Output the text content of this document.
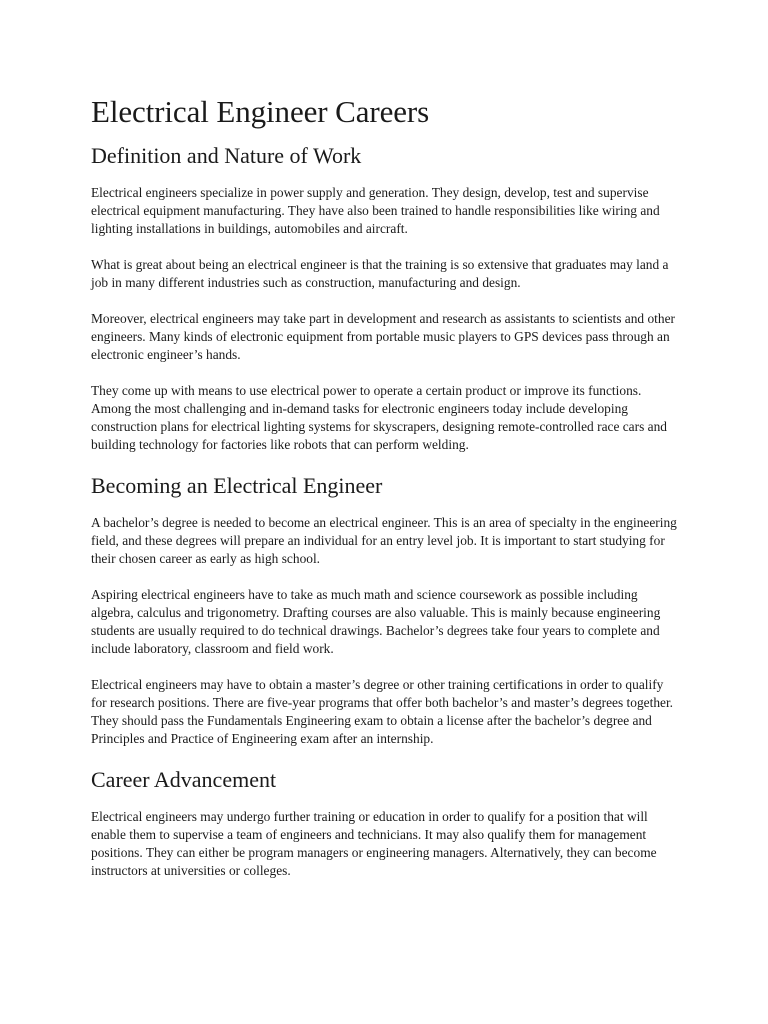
Electrical Engineer Careers
Definition and Nature of Work

Electrical engineers specialize in power supply and generation. They design, develop, test and supervise electrical equipment manufacturing. They have also been trained to handle responsibilities like wiring and lighting installations in buildings, automobiles and aircraft.

What is great about being an electrical engineer is that the training is so extensive that graduates may land a job in many different industries such as construction, manufacturing and design.

Moreover, electrical engineers may take part in development and research as assistants to scientists and other engineers. Many kinds of electronic equipment from portable music players to GPS devices pass through an electronic engineer’s hands.

They come up with means to use electrical power to operate a certain product or improve its functions. Among the most challenging and in-demand tasks for electronic engineers today include developing construction plans for electrical lighting systems for skyscrapers, designing remote-controlled race cars and building technology for factories like robots that can perform welding.

Becoming an Electrical Engineer

A bachelor’s degree is needed to become an electrical engineer. This is an area of specialty in the engineering field, and these degrees will prepare an individual for an entry level job. It is important to start studying for their chosen career as early as high school.

Aspiring electrical engineers have to take as much math and science coursework as possible including algebra, calculus and trigonometry. Drafting courses are also valuable. This is mainly because engineering students are usually required to do technical drawings. Bachelor’s degrees take four years to complete and include laboratory, classroom and field work.

Electrical engineers may have to obtain a master’s degree or other training certifications in order to qualify for research positions. There are five-year programs that offer both bachelor’s and master’s degrees together. They should pass the Fundamentals Engineering exam to obtain a license after the bachelor’s degree and Principles and Practice of Engineering exam after an internship.

Career Advancement

Electrical engineers may undergo further training or education in order to qualify for a position that will enable them to supervise a team of engineers and technicians. It may also qualify them for management positions. They can either be program managers or engineering managers. Alternatively, they can become instructors at universities or colleges.
